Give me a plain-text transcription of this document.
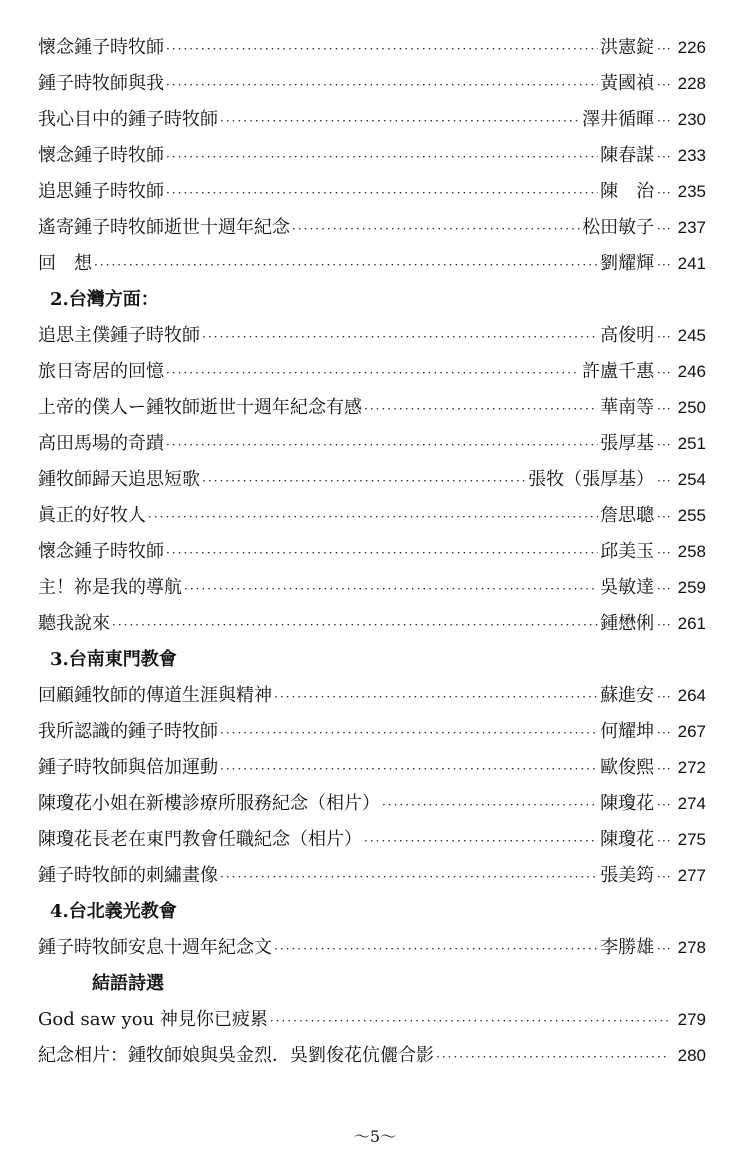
懷念鍾子時牧師 ·····	洪憲錠 ··· 226
鍾子時牧師與我 ·····	黃國禎 ··· 228
我心目中的鍾子時牧師 ·····	澤井循暉 ··· 230
懷念鍾子時牧師 ·····	陳春謀 ··· 233
追思鍾子時牧師 ·····	陳　治 ··· 235
遙寄鍾子時牧師逝世十週年紀念 ·····	松田敏子 ··· 237
回　想 ·····	劉耀輝 ··· 241
2.台灣方面：
追思主僕鍾子時牧師 ·····	高俊明 ··· 245
旅日寄居的回憶 ·····	許盧千惠 ··· 246
上帝的僕人ー鍾牧師逝世十週年紀念有感 ·····	華南等 ··· 250
高田馬場的奇蹟 ·····	張厚基 ··· 251
鍾牧師歸天追思短歌 ·····	張牧（張厚基） ··· 254
眞正的好牧人 ·····	詹思聰 ··· 255
懷念鍾子時牧師 ·····	邱美玉 ··· 258
主！祢是我的導航 ·····	吳敏達 ··· 259
聽我說來 ·····	鍾懋俐 ··· 261
3.台南東門教會
回顧鍾牧師的傳道生涯與精神 ·····	蘇進安 ··· 264
我所認識的鍾子時牧師 ·····	何耀坤 ··· 267
鍾子時牧師與倍加運動 ·····	歐俊熙 ··· 272
陳瓊花小姐在新樓診療所服務紀念（相片） ·····	陳瓊花 ··· 274
陳瓊花長老在東門教會任職紀念（相片） ·····	陳瓊花 ··· 275
鍾子時牧師的刺繡畫像 ·····	張美筠 ··· 277
4.台北義光教會
鍾子時牧師安息十週年紀念文 ·····	李勝雄 ··· 278
結語詩選
God saw you 神見你已疲累 ·····	279
紀念相片：鍾牧師娘與吳金烈．吳劉俊花伉儷合影 ·····	280
～5～
